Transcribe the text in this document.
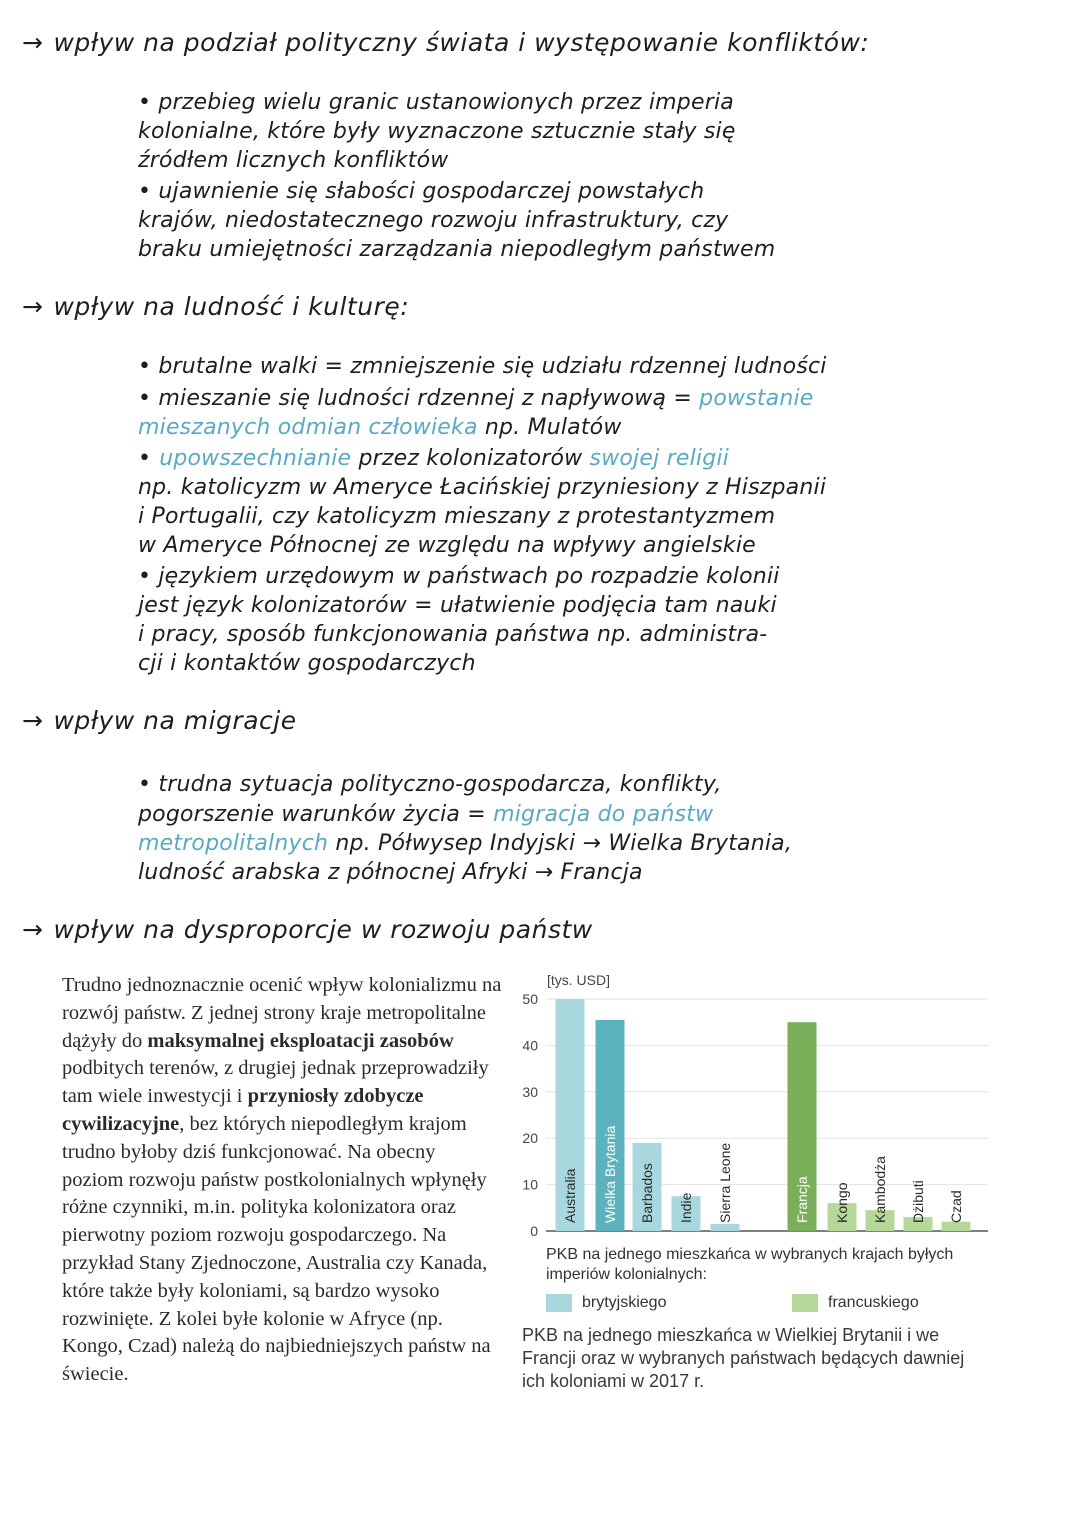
→ wpływ na podział polityczny świata i występowanie konfliktów:
• przebieg wielu granic ustanowionych przez imperia
kolonialne, które były wyznaczone sztucznie stały się
źródłem licznych konfliktów
• ujawnienie się słabości gospodarczej powstałych
krajów, niedostatecznego rozwoju infrastruktury, czy
braku umiejętności zarządzania niepodległym państwem
→ wpływ na ludność i kulturę:
• brutalne walki = zmniejszenie się udziału rdzennej ludności
• mieszanie się ludności rdzennej z napływową = powstanie
mieszanych odmian człowieka np. Mulatów
• upowszechnianie przez kolonizatorów swojej religii
np. katolicyzm w Ameryce Łacińskiej przyniesiony z Hiszpanii
i Portugalii, czy katolicyzm mieszany z protestantyzmem
w Ameryce Północnej ze względu na wpływy angielskie
• językiem urzędowym w państwach po rozpadzie kolonii
jest język kolonizatorów = ułatwienie podjęcia tam nauki
i pracy, sposób funkcjonowania państwa np. administra-
cji i kontaktów gospodarczych
→ wpływ na migracje
• trudna sytuacja polityczno-gospodarcza, konflikty,
pogorszenie warunków życia = migracja do państw
metropolitalnych np. Półwysep Indyjski → Wielka Brytania,
ludność arabska z północnej Afryki → Francja
→ wpływ na dysproporcje w rozwoju państw
Trudno jednoznacznie ocenić wpływ kolonializmu na rozwój państw. Z jednej strony kraje metropolitalne dążyły do maksymalnej eksploatacji zasobów podbitych terenów, z drugiej jednak przeprowadziły tam wiele inwestycji i przyniosły zdobycze cywilizacyjne, bez których niepodległym krajom trudno byłoby dziś funkcjonować. Na obecny poziom rozwoju państw postkolonialnych wpłynęły różne czynniki, m.in. polityka kolonizatora oraz pierwotny poziom rozwoju gospodarczego. Na przykład Stany Zjednoczone, Australia czy Kanada, które także były koloniami, są bardzo wysoko rozwinięte. Z kolei byłe kolonie w Afryce (np. Kongo, Czad) należą do najbiedniejszych państw na świecie.
[tys. USD]
0
10
20
30
40
50
Australia Wielka Brytania Barbados Indie Sierra Leone	Francja Kongo Kambodża Dżibuti Czad
PKB na jednego mieszkańca w wybranych krajach byłych imperiów kolonialnych:
brytyjskiego	francuskiego
PKB na jednego mieszkańca w Wielkiej Brytanii i we Francji oraz w wybranych państwach będących dawniej ich koloniami w 2017 r.
